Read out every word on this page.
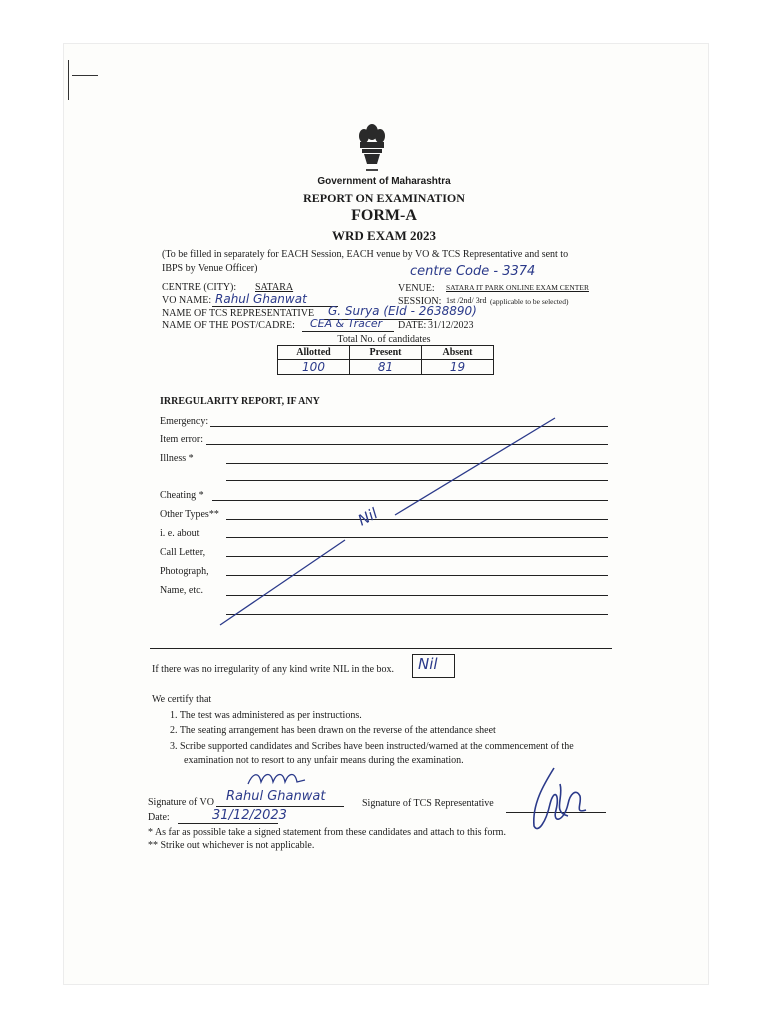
Government of Maharashtra
REPORT ON EXAMINATION
FORM-A
WRD EXAM 2023
(To be filled in separately for EACH Session, EACH venue by VO & TCS Representative and sent to
IBPS by Venue Officer)	centre Code - 3374
CENTRE (CITY): SATARA	VENUE: SATARA IT PARK ONLINE EXAM CENTER
VO NAME: Rahul Ghanwat	SESSION: 1st /2nd/ 3rd (applicable to be selected)
NAME OF TCS REPRESENTATIVE G. Surya (EId - 2638890)
NAME OF THE POST/CADRE: CEA & Tracer DATE: 31/12/2023
Total No. of candidates
Allotted	Present	Absent
100	81	19
IRREGULARITY REPORT, IF ANY
Emergency:
Item error:
Illness *
Cheating *
Other Types**
i. e. about
Call Letter,
Photograph,
Name, etc.
Nil
If there was no irregularity of any kind write NIL in the box. Nil
We certify that
1. The test was administered as per instructions.
2. The seating arrangement has been drawn on the reverse of the attendance sheet
3. Scribe supported candidates and Scribes have been instructed/warned at the commencement of the
examination not to resort to any unfair means during the examination.
Signature of VO Rahul Ghanwat	Signature of TCS Representative
Date:	31/12/2023
* As far as possible take a signed statement from these candidates and attach to this form.
** Strike out whichever is not applicable.
